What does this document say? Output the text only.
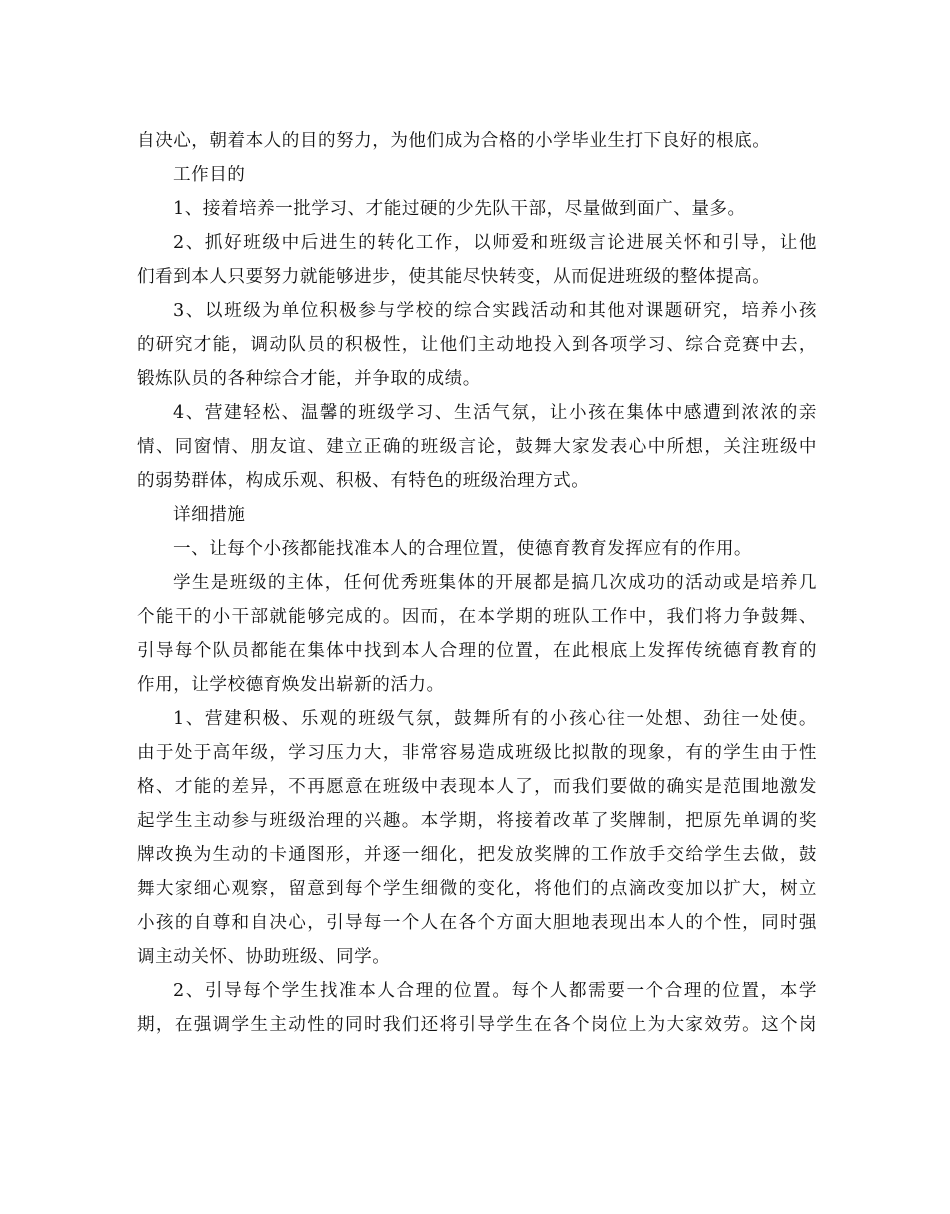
自决心，朝着本人的目的努力，为他们成为合格的小学毕业生打下良好的根底。
工作目的
1、接着培养一批学习、才能过硬的少先队干部，尽量做到面广、量多。
2、抓好班级中后进生的转化工作，以师爱和班级言论进展关怀和引导，让他
们看到本人只要努力就能够进步，使其能尽快转变，从而促进班级的整体提高。
3、以班级为单位积极参与学校的综合实践活动和其他对课题研究，培养小孩
的研究才能，调动队员的积极性，让他们主动地投入到各项学习、综合竞赛中去，
锻炼队员的各种综合才能，并争取的成绩。
4、营建轻松、温馨的班级学习、生活气氛，让小孩在集体中感遭到浓浓的亲
情、同窗情、朋友谊、建立正确的班级言论，鼓舞大家发表心中所想，关注班级中
的弱势群体，构成乐观、积极、有特色的班级治理方式。
详细措施
一、让每个小孩都能找准本人的合理位置，使德育教育发挥应有的作用。
学生是班级的主体，任何优秀班集体的开展都是搞几次成功的活动或是培养几
个能干的小干部就能够完成的。因而，在本学期的班队工作中，我们将力争鼓舞、
引导每个队员都能在集体中找到本人合理的位置，在此根底上发挥传统德育教育的
作用，让学校德育焕发出崭新的活力。
1、营建积极、乐观的班级气氛，鼓舞所有的小孩心往一处想、劲往一处使。
由于处于高年级，学习压力大，非常容易造成班级比拟散的现象，有的学生由于性
格、才能的差异，不再愿意在班级中表现本人了，而我们要做的确实是范围地激发
起学生主动参与班级治理的兴趣。本学期，将接着改革了奖牌制，把原先单调的奖
牌改换为生动的卡通图形，并逐一细化，把发放奖牌的工作放手交给学生去做，鼓
舞大家细心观察，留意到每个学生细微的变化，将他们的点滴改变加以扩大，树立
小孩的自尊和自决心，引导每一个人在各个方面大胆地表现出本人的个性，同时强
调主动关怀、协助班级、同学。
2、引导每个学生找准本人合理的位置。每个人都需要一个合理的位置，本学
期，在强调学生主动性的同时我们还将引导学生在各个岗位上为大家效劳。这个岗
